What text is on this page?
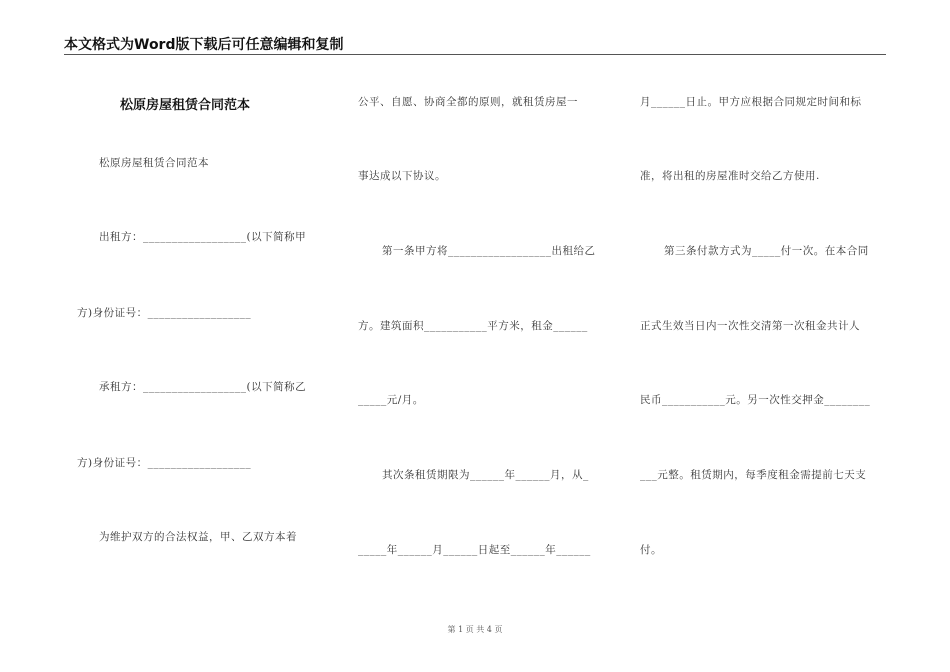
本文格式为Word版下载后可任意编辑和复制
松原房屋租赁合同范本
松原房屋租赁合同范本
出租方：__________________(以下简称甲
方)身份证号：__________________
承租方：__________________(以下简称乙
方)身份证号：__________________
为维护双方的合法权益，甲、乙双方本着
公平、自愿、协商全都的原则，就租赁房屋一
事达成以下协议。
第一条甲方将__________________出租给乙
方。建筑面积___________平方米，租金______
_____元/月。
其次条租赁期限为______年______月，从_
_____年______月______日起至______年______
月______日止。甲方应根据合同规定时间和标
准，将出租的房屋准时交给乙方使用.
第三条付款方式为_____付一次。在本合同
正式生效当日内一次性交清第一次租金共计人
民币___________元。另一次性交押金________
___元整。租赁期内，每季度租金需提前七天支
付。
第 1 页 共 4 页
